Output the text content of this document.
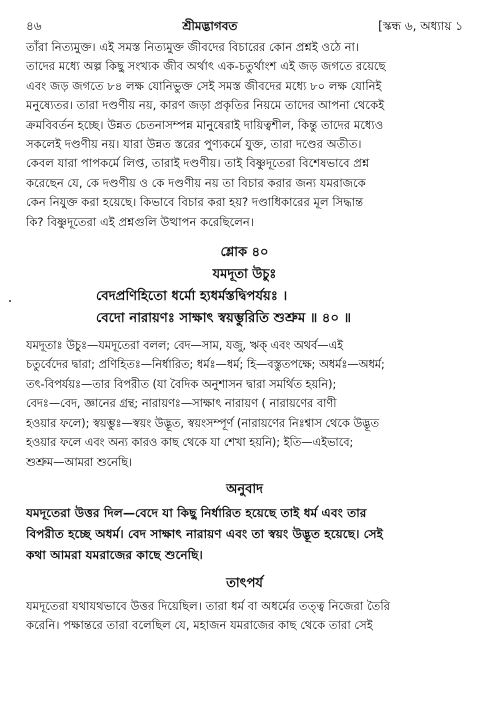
৪৬	শ্রীমদ্ভাগবত	[স্কন্ধ ৬, অধ্যায় ১
তাঁরা নিত্যমুক্ত। এই সমস্ত নিত্যমুক্ত জীবদের বিচারের কোন প্রশ্নই ওঠে না।
তাদের মধ্যে অল্প কিছু সংখ্যক জীব অর্থাৎ এক-চতুর্থাংশ এই জড় জগতে রয়েছে
এবং জড় জগতে ৮৪ লক্ষ যোনিভুক্ত সেই সমস্ত জীবদের মধ্যে ৮০ লক্ষ যোনিই
মনুষ্যেতর। তারা দণ্ডণীয় নয়, কারণ জড়া প্রকৃতির নিয়মে তাদের আপনা থেকেই
ক্রমবিবর্তন হচ্ছে। উন্নত চেতনাসম্পন্ন মানুষেরাই দায়িত্বশীল, কিন্তু তাদের মধ্যেও
সকলেই দণ্ডণীয় নয়। যারা উন্নত স্তরের পুণ্যকর্মে যুক্ত, তারা দণ্ডের অতীত।
কেবল যারা পাপকর্মে লিপ্ত, তারাই দণ্ডণীয়। তাই বিষ্ণুদূতেরা বিশেষভাবে প্রশ্ন
করেছেন যে, কে দণ্ডণীয় ও কে দণ্ডণীয় নয় তা বিচার করার জন্য যমরাজকে
কেন নিযুক্ত করা হয়েছে। কিভাবে বিচার করা হয়? দণ্ডাধিকারের মূল সিদ্ধান্ত
কি? বিষ্ণুদূতেরা এই প্রশ্নগুলি উত্থাপন করেছিলেন।
শ্লোক ৪০
যমদূতা উচুঃ
বেদপ্রণিহিতো ধর্মো হ্যধর্মস্তদ্বিপর্যয়ঃ ।
বেদো নারায়ণঃ সাক্ষাৎ স্বয়ম্ভুরিতি শুশ্রুম ॥ ৪০ ॥
যমদূতাঃ উচুঃ—যমদূতেরা বলল; বেদ—সাম, যজু, ঋক্ এবং অথর্ব—এই
চতুর্বেদের দ্বারা; প্রণিহিতঃ—নির্ধারিত; ধর্মঃ—ধর্ম; হি—বস্তুতপক্ষে; অধর্মঃ—অধর্ম;
তৎ-বিপর্যয়ঃ—তার বিপরীত (যা বৈদিক অনুশাসন দ্বারা সমর্থিত হয়নি);
বেদঃ—বেদ, জ্ঞানের গ্রন্থ; নারায়ণঃ—সাক্ষাৎ নারায়ণ ( নারায়ণের বাণী
হওয়ার ফলে); স্বয়ম্ভুঃ—স্বয়ং উদ্ভূত, স্বয়ংসম্পূর্ণ (নারায়ণের নিঃশ্বাস থেকে উদ্ভূত
হওয়ার ফলে এবং অন্য কারও কাছ থেকে যা শেখা হয়নি); ইতি—এইভাবে;
শুশ্রুম—আমরা শুনেছি।
অনুবাদ
যমদূতেরা উত্তর দিল—বেদে যা কিছু নির্ধারিত হয়েছে তাই ধর্ম এবং তার
বিপরীত হচ্ছে অধর্ম। বেদ সাক্ষাৎ নারায়ণ এবং তা স্বয়ং উদ্ভূত হয়েছে। সেই
কথা আমরা যমরাজের কাছে শুনেছি।
তাৎপর্য
যমদূতেরা যথাযথভাবে উত্তর দিয়েছিল। তারা ধর্ম বা অধর্মের তত্ত্ব নিজেরা তৈরি
করেনি। পক্ষান্তরে তারা বলেছিল যে, মহাজন যমরাজের কাছ থেকে তারা সেই
